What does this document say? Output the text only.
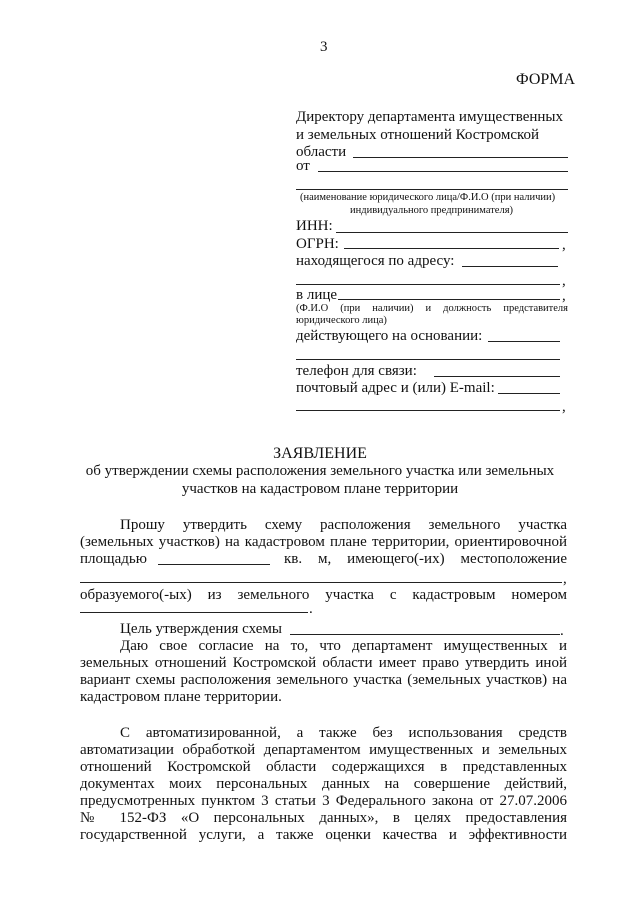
3
ФОРМА
Директору департамента имущественных
и земельных отношений Костромской
области
от
(наименование юридического лица/Ф.И.О (при наличии)
индивидуального предпринимателя)
ИНН:
ОГРН:	,
находящегося по адресу:
,
в лице	,
(Ф.И.О (при наличии) и должность представителя
юридического лица)
действующего на основании:
телефон для связи:
почтовый адрес и (или) E-mail:
,
ЗАЯВЛЕНИЕ
об утверждении схемы расположения земельного участка или земельных
участков на кадастровом плане территории
Прошу утвердить схему расположения земельного участка
(земельных участков) на кадастровом плане территории, ориентировочной
площадью	кв. м, имеющего(-их) местоположение
,
образуемого(-ых) из земельного участка с кадастровым номером
.
Цель утверждения схемы	.
Даю свое согласие на то, что департамент имущественных и
земельных отношений Костромской области имеет право утвердить иной
вариант схемы расположения земельного участка (земельных участков) на
кадастровом плане территории.
С автоматизированной, а также без использования средств
автоматизации обработкой департаментом имущественных и земельных
отношений Костромской области содержащихся в представленных
документах моих персональных данных на совершение действий,
предусмотренных пунктом 3 статьи 3 Федерального закона от 27.07.2006
№ 152-ФЗ «О персональных данных», в целях предоставления
государственной услуги, а также оценки качества и эффективности
